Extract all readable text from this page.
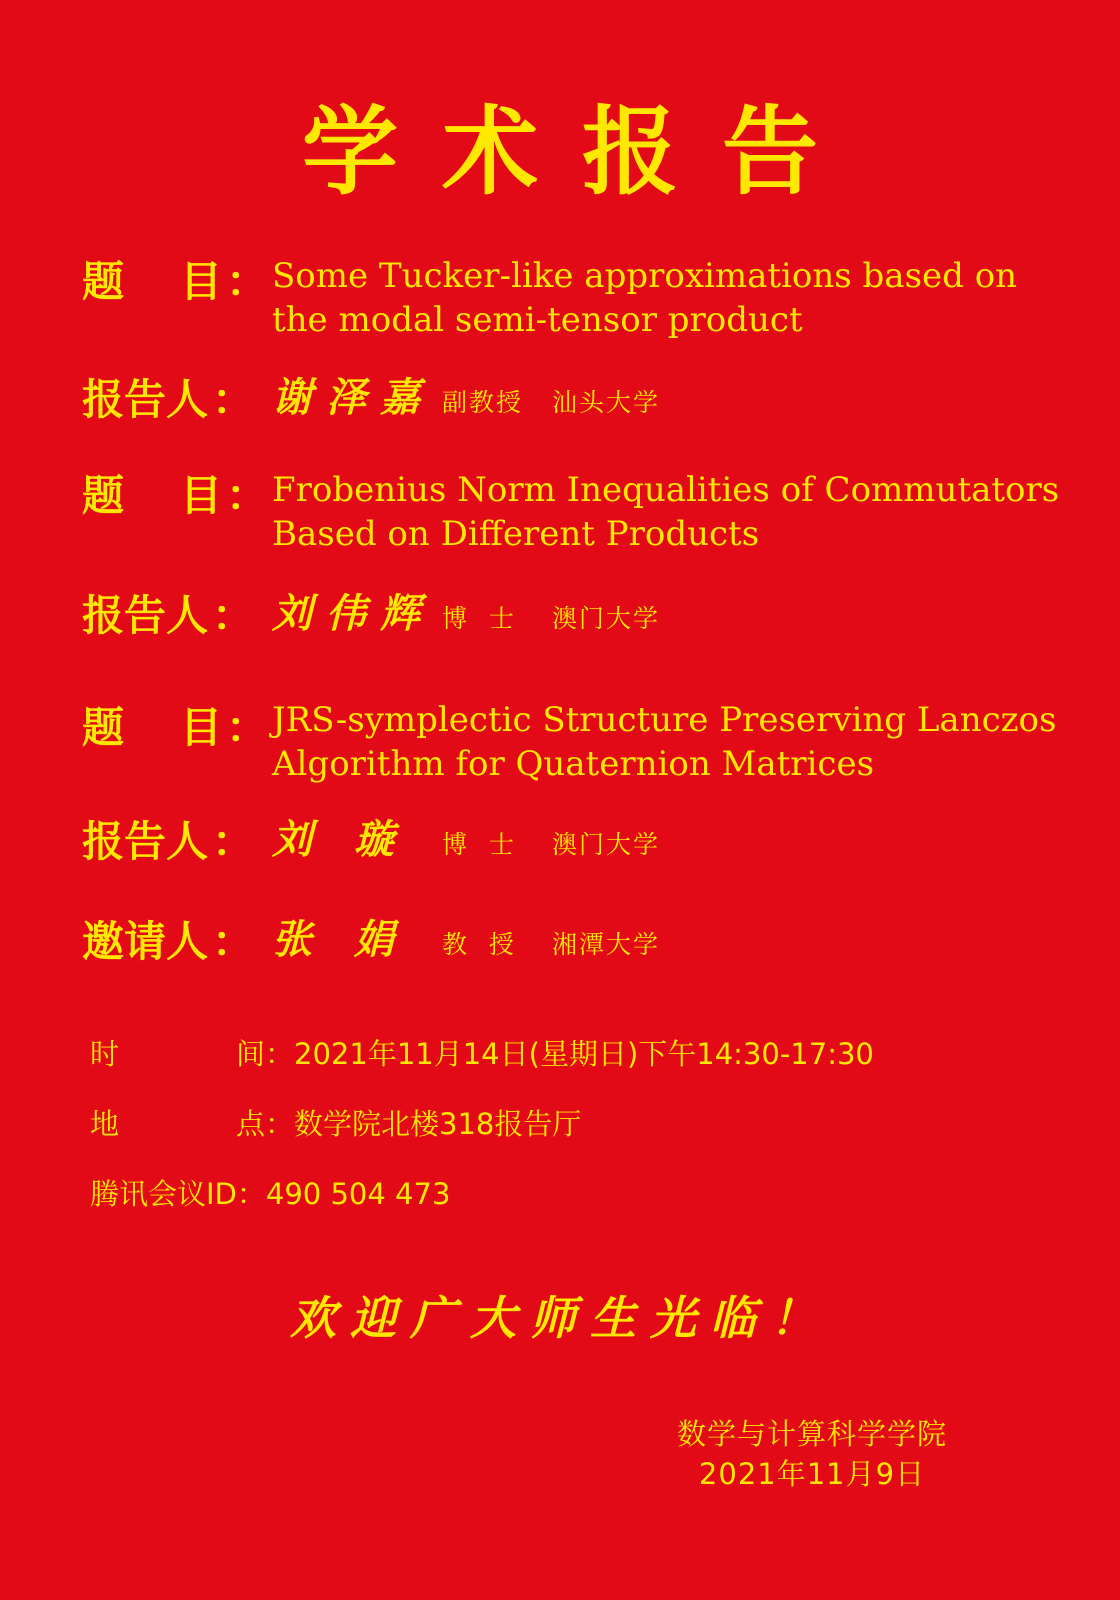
学术报告
题 目： Some Tucker-like approximations based on
the modal semi-tensor product
报告人： 谢泽嘉 副教授 汕头大学
题 目： Frobenius Norm Inequalities of Commutators
Based on Different Products
报告人： 刘伟辉 博  士 澳门大学
题 目： JRS-symplectic Structure Preserving Lanczos
Algorithm for Quaternion Matrices
报告人： 刘 璇 博  士 澳门大学
邀请人： 张 娟 教  授 湘潭大学
时	间：2021年11月14日(星期日)下午14:30-17:30
地	点：数学院北楼318报告厅
腾讯会议ID：490 504 473
欢迎广大师生光临！
数学与计算科学学院
2021年11月9日
